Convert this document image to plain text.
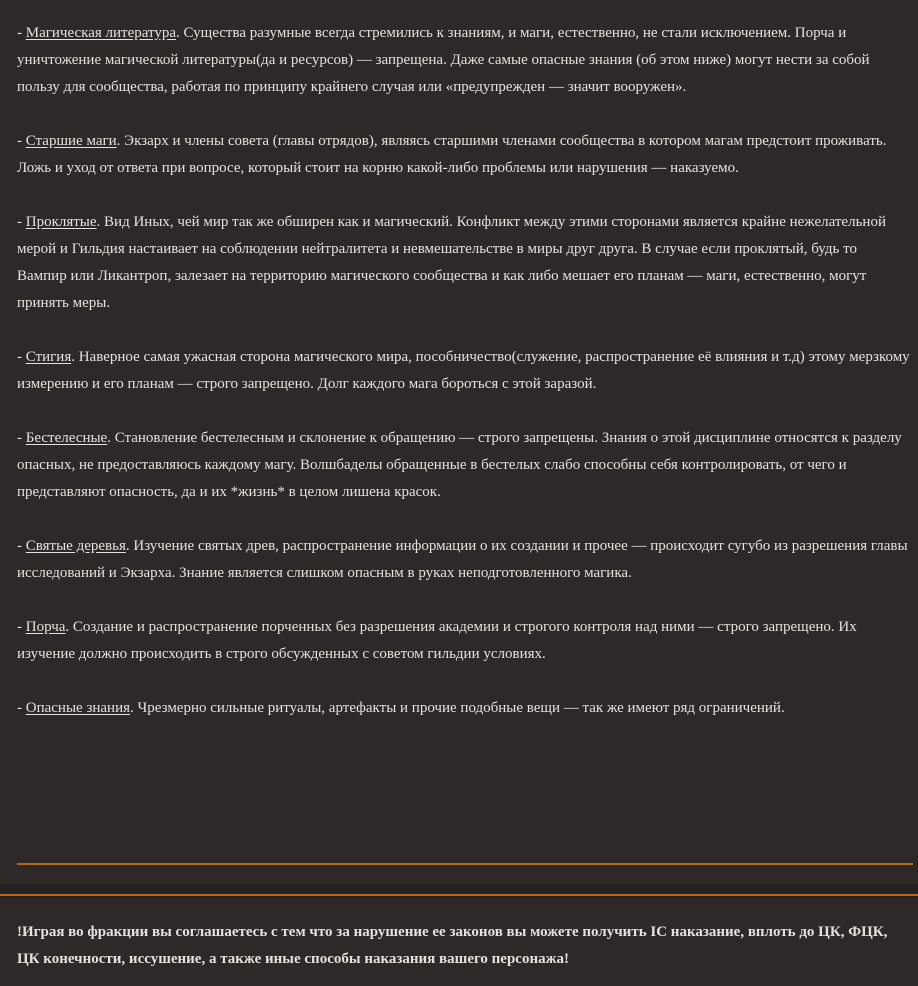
- Магическая литература. Существа разумные всегда стремились к знаниям, и маги, естественно, не стали исключением. Порча и уничтожение магической литературы(да и ресурсов) — запрещена. Даже самые опасные знания (об этом ниже) могут нести за собой пользу для сообщества, работая по принципу крайнего случая или «предупрежден — значит вооружен».

- Старшие маги. Экзарх и члены совета (главы отрядов), являясь старшими членами сообщества в котором магам предстоит проживать. Ложь и уход от ответа при вопросе, который стоит на корню какой-либо проблемы или нарушения — наказуемо.

- Проклятые. Вид Иных, чей мир так же обширен как и магический. Конфликт между этими сторонами является крайне нежелательной мерой и Гильдия настаивает на соблюдении нейтралитета и невмешательстве в миры друг друга. В случае если проклятый, будь то Вампир или Ликантроп, залезает на территорию магического сообщества и как либо мешает его планам — маги, естественно, могут принять меры.

- Стигия. Наверное самая ужасная сторона магического мира, пособничество(служение, распространение её влияния и т.д) этому мерзкому измерению и его планам — строго запрещено. Долг каждого мага бороться с этой заразой.

- Бестелесные. Становление бестелесным и склонение к обращению — строго запрещены. Знания о этой дисциплине относятся к разделу опасных, не предоставляюсь каждому магу. Волшбаделы обращенные в бестелых слабо способны себя контролировать, от чего и представляют опасность, да и их *жизнь* в целом лишена красок.

- Святые деревья. Изучение святых древ, распространение информации о их создании и прочее — происходит сугубо из разрешения главы исследований и Экзарха. Знание является слишком опасным в руках неподготовленного магика.

- Порча. Создание и распространение порченных без разрешения академии и строгого контроля над ними — строго запрещено. Их изучение должно происходить в строго обсужденных с советом гильдии условиях.

- Опасные знания. Чрезмерно сильные ритуалы, артефакты и прочие подобные вещи — так же имеют ряд ограничений.

!Играя во фракции вы соглашаетесь с тем что за нарушение ее законов вы можете получить IC наказание, вплоть до ЦК, ФЦК, ЦК конечности, иссушение, а также иные способы наказания вашего персонажа!
